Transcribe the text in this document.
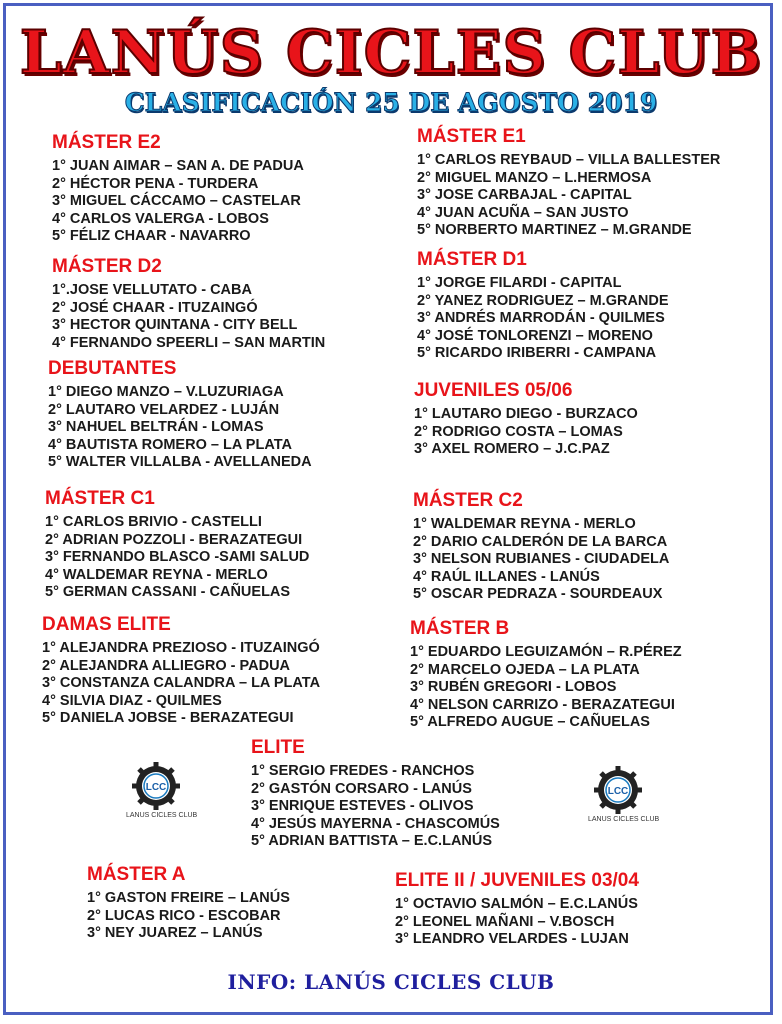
LANÚS CICLES CLUB
CLASIFICACIÓN 25 DE AGOSTO 2019
MÁSTER E2
1° JUAN AIMAR – SAN A. DE PADUA
2° HÉCTOR PENA - TURDERA
3° MIGUEL CÁCCAMO – CASTELAR
4° CARLOS VALERGA - LOBOS
5° FÉLIZ CHAAR - NAVARRO
MÁSTER E1
1° CARLOS REYBAUD – VILLA BALLESTER
2° MIGUEL MANZO – L.HERMOSA
3° JOSE CARBAJAL - CAPITAL
4° JUAN ACUÑA – SAN JUSTO
5° NORBERTO MARTINEZ – M.GRANDE
MÁSTER D2
1°.JOSE VELLUTATO - CABA
2° JOSÉ CHAAR - ITUZAINGÓ
3° HECTOR QUINTANA - CITY BELL
4° FERNANDO SPEERLI – SAN MARTIN
MÁSTER D1
1° JORGE FILARDI - CAPITAL
2° YANEZ RODRIGUEZ – M.GRANDE
3° ANDRÉS MARRODÁN - QUILMES
4° JOSÉ TONLORENZI – MORENO
5° RICARDO IRIBERRI - CAMPANA
DEBUTANTES
1° DIEGO MANZO – V.LUZURIAGA
2° LAUTARO VELARDEZ - LUJÁN
3° NAHUEL BELTRÁN - LOMAS
4° BAUTISTA ROMERO – LA PLATA
5° WALTER VILLALBA - AVELLANEDA
JUVENILES 05/06
1° LAUTARO DIEGO - BURZACO
2° RODRIGO COSTA – LOMAS
3° AXEL ROMERO – J.C.PAZ
MÁSTER C1
1° CARLOS BRIVIO - CASTELLI
2° ADRIAN POZZOLI - BERAZATEGUI
3° FERNANDO BLASCO -SAMI SALUD
4° WALDEMAR REYNA - MERLO
5° GERMAN CASSANI - CAÑUELAS
MÁSTER C2
1° WALDEMAR REYNA - MERLO
2° DARIO CALDERÓN DE LA BARCA
3° NELSON RUBIANES - CIUDADELA
4° RAÚL ILLANES - LANÚS
5° OSCAR PEDRAZA - SOURDEAUX
DAMAS ELITE
1° ALEJANDRA PREZIOSO - ITUZAINGÓ
2° ALEJANDRA ALLIEGRO - PADUA
3° CONSTANZA CALANDRA – LA PLATA
4° SILVIA DIAZ - QUILMES
5° DANIELA JOBSE - BERAZATEGUI
MÁSTER B
1° EDUARDO LEGUIZAMÓN – R.PÉREZ
2° MARCELO OJEDA – LA PLATA
3° RUBÉN GREGORI - LOBOS
4° NELSON CARRIZO - BERAZATEGUI
5° ALFREDO AUGUE – CAÑUELAS
ELITE
1° SERGIO FREDES - RANCHOS
2° GASTÓN CORSARO - LANÚS
3° ENRIQUE ESTEVES - OLIVOS
4° JESÚS MAYERNA - CHASCOMÚS
5° ADRIAN BATTISTA – E.C.LANÚS
MÁSTER A
1° GASTON FREIRE – LANÚS
2° LUCAS RICO - ESCOBAR
3° NEY JUAREZ – LANÚS
ELITE II / JUVENILES 03/04
1° OCTAVIO SALMÓN – E.C.LANÚS
2° LEONEL MAÑANI – V.BOSCH
3° LEANDRO VELARDES - LUJAN
LCC
LANUS CICLES CLUB
LCC
LANUS CICLES CLUB
INFO: LANÚS CICLES CLUB
